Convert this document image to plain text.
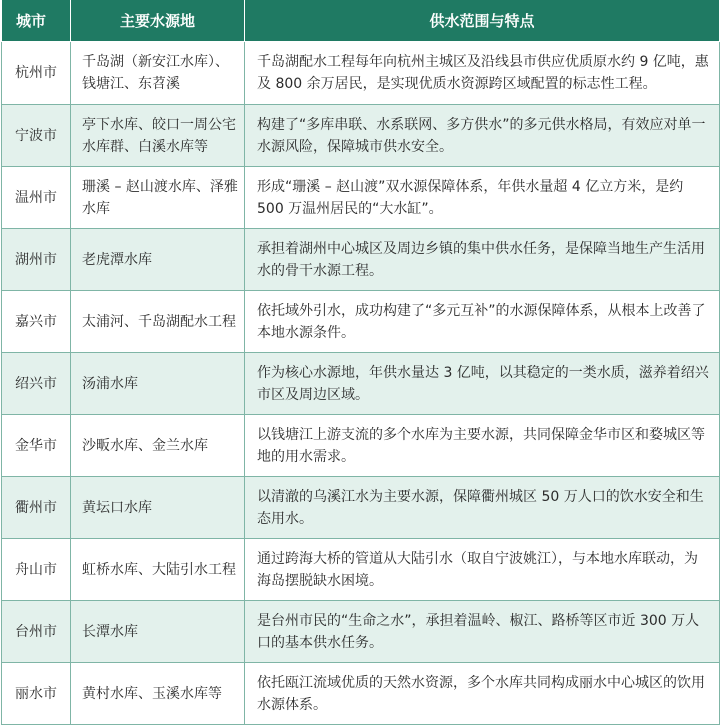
城市	主要水源地	供水范围与特点
杭州市	千岛湖（新安江水库）、钱塘江、东苕溪	千岛湖配水工程每年向杭州主城区及沿线县市供应优质原水约 9 亿吨，惠及 800 余万居民，是实现优质水资源跨区域配置的标志性工程。
宁波市	亭下水库、皎口一周公宅水库群、白溪水库等	构建了“多库串联、水系联网、多方供水”的多元供水格局，有效应对单一水源风险，保障城市供水安全。
温州市	珊溪 – 赵山渡水库、泽雅水库	形成“珊溪 – 赵山渡”双水源保障体系，年供水量超 4 亿立方米，是约 500 万温州居民的“大水缸”。
湖州市	老虎潭水库	承担着湖州中心城区及周边乡镇的集中供水任务，是保障当地生产生活用水的骨干水源工程。
嘉兴市	太浦河、千岛湖配水工程	依托域外引水，成功构建了“多元互补”的水源保障体系，从根本上改善了本地水源条件。
绍兴市	汤浦水库	作为核心水源地，年供水量达 3 亿吨，以其稳定的一类水质，滋养着绍兴市区及周边区域。
金华市	沙畈水库、金兰水库	以钱塘江上游支流的多个水库为主要水源，共同保障金华市区和婺城区等地的用水需求。
衢州市	黄坛口水库	以清澈的乌溪江水为主要水源，保障衢州城区 50 万人口的饮水安全和生态用水。
舟山市	虹桥水库、大陆引水工程	通过跨海大桥的管道从大陆引水（取自宁波姚江），与本地水库联动，为海岛摆脱缺水困境。
台州市	长潭水库	是台州市民的“生命之水”，承担着温岭、椒江、路桥等区市近 300 万人口的基本供水任务。
丽水市	黄村水库、玉溪水库等	依托瓯江流域优质的天然水资源，多个水库共同构成丽水中心城区的饮用水源体系。
